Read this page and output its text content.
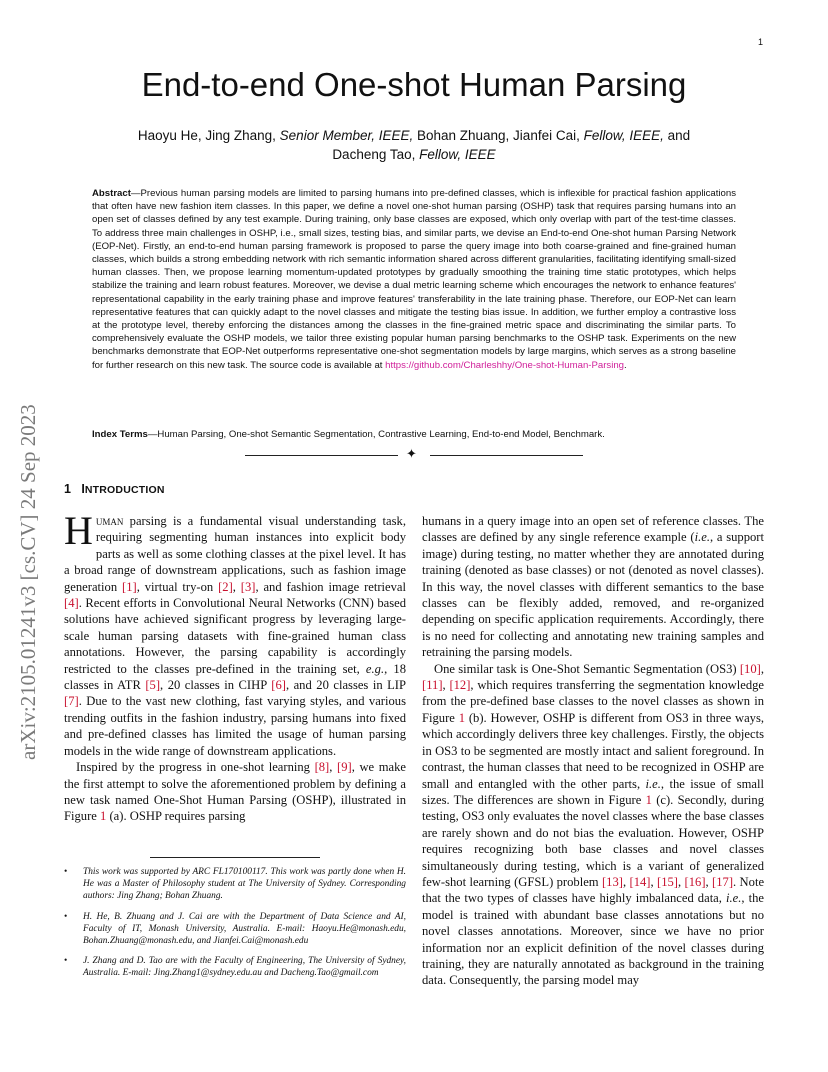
1
End-to-end One-shot Human Parsing
Haoyu He, Jing Zhang, Senior Member, IEEE, Bohan Zhuang, Jianfei Cai, Fellow, IEEE, and
Dacheng Tao, Fellow, IEEE
Abstract—Previous human parsing models are limited to parsing humans into pre-defined classes, which is inflexible for practical fashion applications that often have new fashion item classes. In this paper, we define a novel one-shot human parsing (OSHP) task that requires parsing humans into an open set of classes defined by any test example. During training, only base classes are exposed, which only overlap with part of the test-time classes. To address three main challenges in OSHP, i.e., small sizes, testing bias, and similar parts, we devise an End-to-end One-shot human Parsing Network (EOP-Net). Firstly, an end-to-end human parsing framework is proposed to parse the query image into both coarse-grained and fine-grained human classes, which builds a strong embedding network with rich semantic information shared across different granularities, facilitating identifying small-sized human classes. Then, we propose learning momentum-updated prototypes by gradually smoothing the training time static prototypes, which helps stabilize the training and learn robust features. Moreover, we devise a dual metric learning scheme which encourages the network to enhance features' representational capability in the early training phase and improve features' transferability in the late training phase. Therefore, our EOP-Net can learn representative features that can quickly adapt to the novel classes and mitigate the testing bias issue. In addition, we further employ a contrastive loss at the prototype level, thereby enforcing the distances among the classes in the fine-grained metric space and discriminating the similar parts. To comprehensively evaluate the OSHP models, we tailor three existing popular human parsing benchmarks to the OSHP task. Experiments on the new benchmarks demonstrate that EOP-Net outperforms representative one-shot segmentation models by large margins, which serves as a strong baseline for further research on this new task. The source code is available at https://github.com/Charleshhy/One-shot-Human-Parsing.
Index Terms—Human Parsing, One-shot Semantic Segmentation, Contrastive Learning, End-to-end Model, Benchmark.
✦
arXiv:2105.01241v3 [cs.CV] 24 Sep 2023 1 INTRODUCTION

Human parsing is a fundamental visual understanding task, requiring segmenting human instances into explicit body parts as well as some clothing classes at the pixel level. It has a broad range of downstream applications, such as fashion image generation [1], virtual try-on [2], [3], and fashion image retrieval [4]. Recent efforts in Convolutional Neural Networks (CNN) based solutions have achieved significant progress by leveraging large-scale human parsing datasets with fine-grained human class annotations. However, the parsing capability is accordingly restricted to the classes pre-defined in the training set, e.g., 18 classes in ATR [5], 20 classes in CIHP [6], and 20 classes in LIP [7]. Due to the vast new clothing, fast varying styles, and various trending outfits in the fashion industry, parsing humans into fixed and pre-defined classes has limited the usage of human parsing models in the wide range of downstream applications.

Inspired by the progress in one-shot learning [8], [9], we make the first attempt to solve the aforementioned problem by defining a new task named One-Shot Human Parsing (OSHP), illustrated in Figure 1 (a). OSHP requires parsing

humans in a query image into an open set of reference classes. The classes are defined by any single reference example (i.e., a support image) during testing, no matter whether they are annotated during training (denoted as base classes) or not (denoted as novel classes). In this way, the novel classes with different semantics to the base classes can be flexibly added, removed, and re-organized depending on specific application requirements. Accordingly, there is no need for collecting and annotating new training samples and retraining the parsing models.

One similar task is One-Shot Semantic Segmentation (OS3) [10], [11], [12], which requires transferring the segmentation knowledge from the pre-defined base classes to the novel classes as shown in Figure 1 (b). However, OSHP is different from OS3 in three ways, which accordingly delivers three key challenges. Firstly, the objects in OS3 to be segmented are mostly intact and salient foreground. In contrast, the human classes that need to be recognized in OSHP are small and entangled with the other parts, i.e., the issue of small sizes. The differences are shown in Figure 1 (c). Secondly, during testing, OS3 only evaluates the novel classes where the base classes are rarely shown and do not bias the evaluation. However, OSHP requires recognizing both base classes and novel classes simultaneously during testing, which is a variant of generalized few-shot learning (GFSL) problem [13], [14], [15], [16], [17]. Note that the two types of classes have highly imbalanced data, i.e., the model is trained with abundant base classes annotations but no novel classes annotations. Moreover, since we have no prior information nor an explicit definition of the novel classes during training, they are naturally annotated as background in the training data. Consequently, the parsing model may

• This work was supported by ARC FL170100117. This work was partly done when H. He was a Master of Philosophy student at The University of Sydney. Corresponding authors: Jing Zhang; Bohan Zhuang.

• H. He, B. Zhuang and J. Cai are with the Department of Data Science and AI, Faculty of IT, Monash University, Australia. E-mail: Haoyu.He@monash.edu, Bohan.Zhuang@monash.edu, and Jianfei.Cai@monash.edu

• J. Zhang and D. Tao are with the Faculty of Engineering, The University of Sydney, Australia. E-mail: Jing.Zhang1@sydney.edu.au and Dacheng.Tao@gmail.com
